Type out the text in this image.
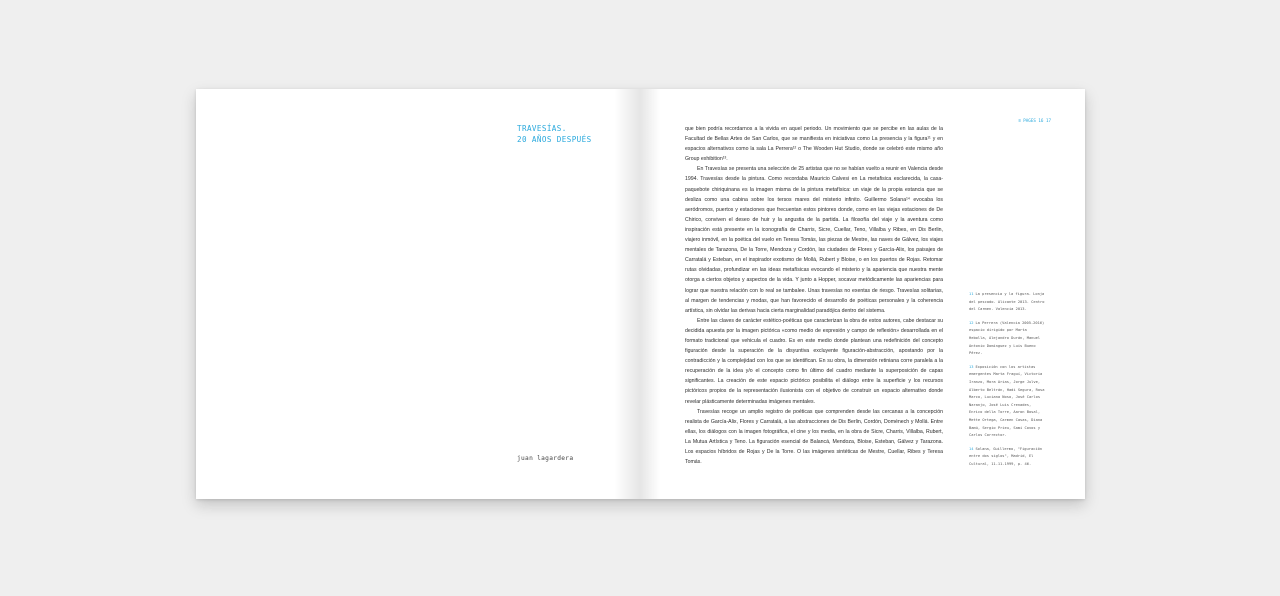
TRAVESÍAS.
20 AÑOS DESPUÉS
juan lagardera
≡ PAGES 16 17

que bien podría recordarnos a la vivida en aquel periodo. Un movimiento que se percibe en las aulas de la Facultad de Bellas Artes de San Carlos, que se manifiesta en iniciativas como La presencia y la figura¹¹ y en espacios alternativos como la sala La Perrera¹² o The Wooden Hut Studio, donde se celebró este mismo año Group exhibition¹³.

En Travesías se presenta una selección de 25 artistas que no se habían vuelto a reunir en Valencia desde 1994. Travesías desde la pintura. Como recordaba Mauricio Calvesi en La metafisica esclarecida, la casa-paquebote chiriquinana es la imagen misma de la pintura metafísica: un viaje de la propia estancia que se desliza como una cabina sobre los tersos mares del misterio infinito. Guillermo Solana¹⁴ evocaba los aeródromos, puertos y estaciones que frecuentan estos pintores donde, como en las viejas estaciones de De Chirico, conviven el deseo de huir y la angustia de la partida. La filosofía del viaje y la aventura como inspiración está presente en la iconografía de Charris, Sicre, Cuellar, Teno, Villalba y Ribes, en Dis Berlin, viajero inmóvil, en la poética del vuelo en Teresa Tomás, las piezas de Mestre, las naves de Gálvez, los viajes mentales de Tarazona, De la Torre, Mendoza y Cordón, las ciudades de Flores y García-Alix, los paisajes de Carratalá y Esteban, en el inspirador exotismo de Mollá, Rubert y Bloise, o en los puertos de Rojas. Retomar rutas olvidadas, profundizar en las ideas metafísicas evocando el misterio y la apariencia que nuestra mente otorga a ciertos objetos y aspectos de la vida. Y junto a Hopper, socavar metódicamente las apariencias para lograr que nuestra relación con lo real se tambalee. Unas travesías no exentas de riesgo. Travesías solitarias, al margen de tendencias y modas, que han favorecido el desarrollo de poéticas personales y la coherencia artística, sin olvidar las derivas hacia cierta marginalidad paradójica dentro del sistema.

Entre las claves de carácter estético-poéticas que caracterizan la obra de estos autores, cabe destacar su decidida apuesta por la imagen pictórica «como medio de expresión y campo de reflexión» desarrollada en el formato tradicional que vehicula el cuadro. Es en este medio donde plantean una redefinición del concepto figuración desde la superación de la disyuntiva excluyente figuración-abstracción, apostando por la contradicción y la complejidad con los que se identifican. En su obra, la dimensión retiniana corre paralela a la recuperación de la idea y/o el concepto como fin último del cuadro mediante la superposición de capas significantes. La creación de este espacio pictórico posibilita el diálogo entre la superficie y los recursos pictóricos propios de la representación ilusionista con el objetivo de construir un espacio alternativo donde revelar plásticamente determinadas imágenes mentales.

Travesías recoge un amplio registro de poéticas que comprenden desde las cercanas a la concepción realista de García-Alix, Flores y Carratalá, a las abstracciones de Dis Berlin, Cordón, Doménech y Mollá. Entre ellas, los diálogos con la imagen fotográfica, el cine y los media, en la obra de Sicre, Charris, Villalba, Rubert, La Mutua Artística y Teno. La figuración esencial de Balancá, Mendoza, Bloise, Esteban, Gálvez y Tarazona. Los espacios híbridos de Rojas y De la Torre. O las imágenes sintéticas de Mestre, Cuellar, Ribes y Teresa Tomás.

11 La presencia y la figura. Lonja del pescado. Alicante 2013. Centro del Carmen. Valencia 2013.
12 La Perrera (Valencia 2005-2016) espacio dirigido por Marta Hebolla, Alejandro Durán, Manuel Antonio Domínguez y Luis Bueno Pérez.
13 Exposición con los artistas emergentes Marta Fraguí, Victoria Iranzo, Mora Arias, Jorge Julve, Alberto Beltrán, Hadi Segura, Rosa Marco, Luciana Noso, José Carlos Naranjo, José Luis Crenades, Enrico della Torre, Aaron Bosal, Mette Ortega, Carmen Casas, Diana Bamú, Sergio Prieu, Sami Covos y Carlos Corrector.
14 Solana, Guillermo, "Figuración entre dos siglos", Madrid, El Cultural, 11-11-1999, p. 46.
